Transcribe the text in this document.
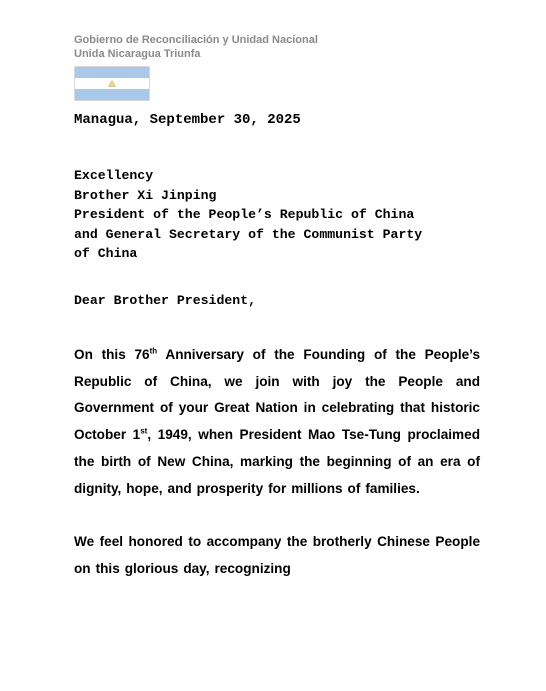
Gobierno de Reconciliación y Unidad Nacional
Unida Nicaragua Triunfa
Managua, September 30, 2025
Excellency
Brother Xi Jinping
President of the People’s Republic of China
and General Secretary of the Communist Party
of China
Dear Brother President,
On this 76th Anniversary of the Founding of the People’s Republic of China, we join with joy the People and Government of your Great Nation in celebrating that historic October 1st, 1949, when President Mao Tse-Tung proclaimed the birth of New China, marking the beginning of an era of dignity, hope, and prosperity for millions of families.
We feel honored to accompany the brotherly Chinese People on this glorious day, recognizing
